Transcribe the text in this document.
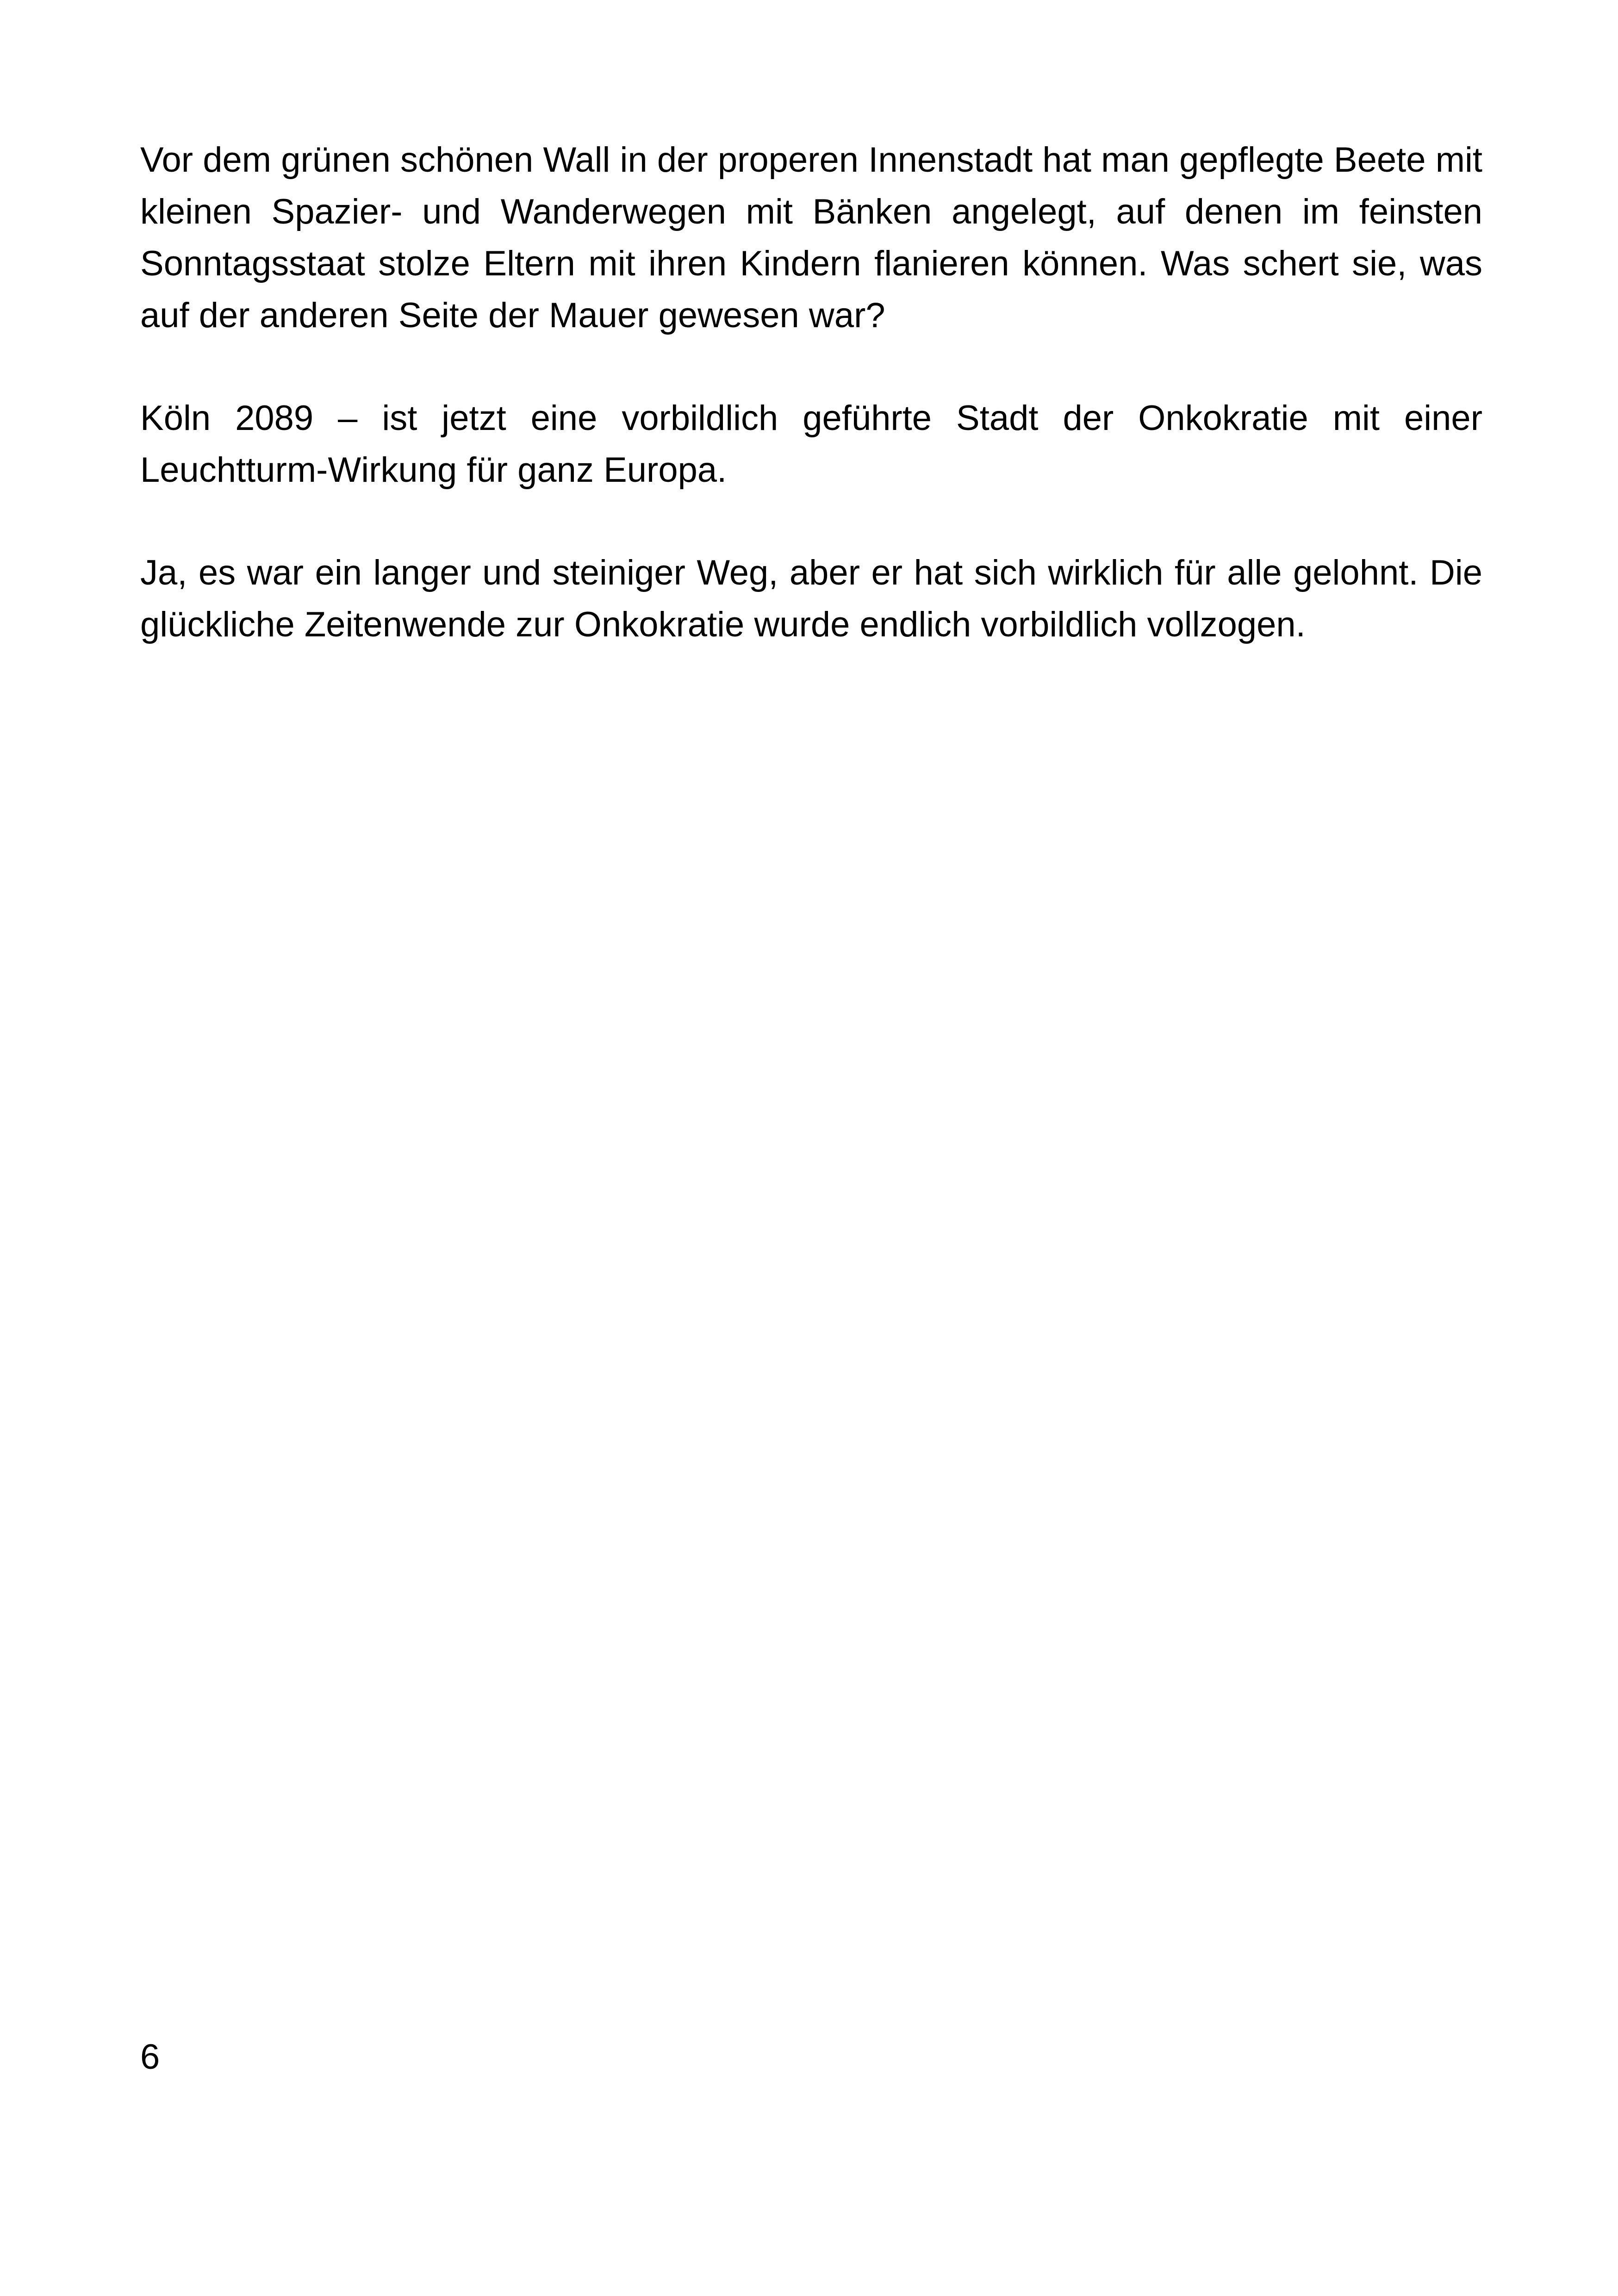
Vor dem grünen schönen Wall in der properen Innenstadt hat man gepflegte Beete mit kleinen Spazier- und Wanderwegen mit Bänken angelegt, auf denen im feinsten Sonntagsstaat stolze Eltern mit ihren Kindern flanieren können. Was schert sie, was auf der anderen Seite der Mauer gewesen war?

Köln 2089 – ist jetzt eine vorbildlich geführte Stadt der Onkokratie mit einer Leuchtturm-Wirkung für ganz Europa.

Ja, es war ein langer und steiniger Weg, aber er hat sich wirklich für alle gelohnt. Die glückliche Zeitenwende zur Onkokratie wurde endlich vorbildlich vollzogen.

6
